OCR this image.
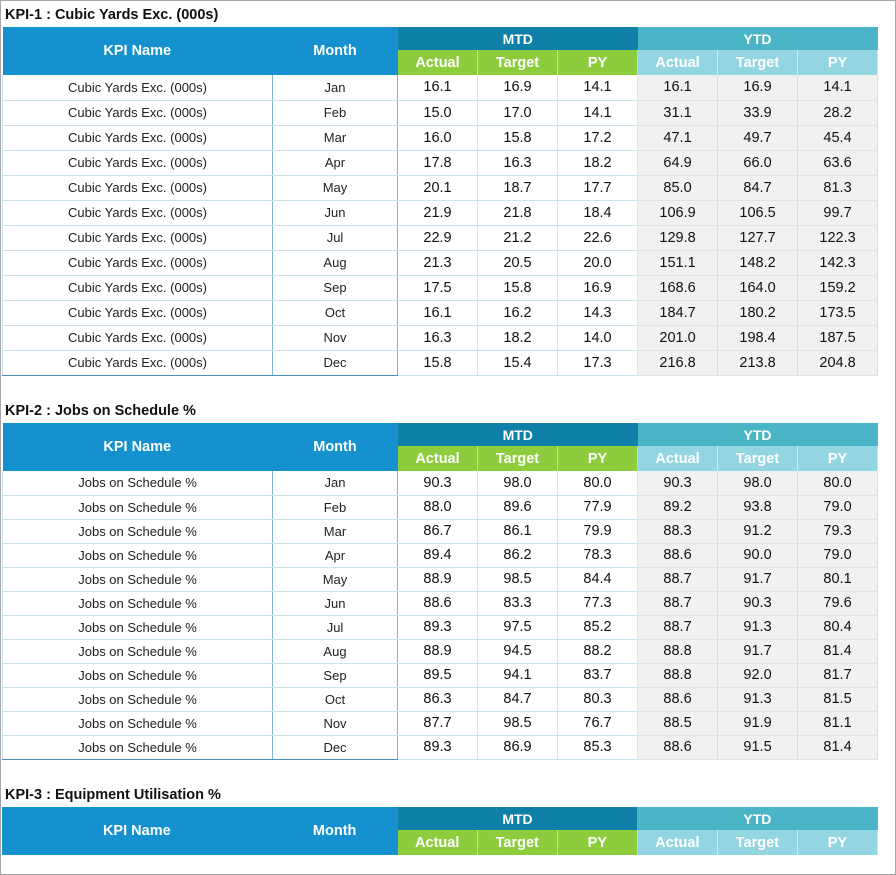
KPI-1 : Cubic Yards Exc. (000s)
KPI Name	Month	MTD			YTD		
		Actual	Target	PY	Actual	Target	PY
Cubic Yards Exc. (000s)	Jan	16.1	16.9	14.1	16.1	16.9	14.1
Cubic Yards Exc. (000s)	Feb	15.0	17.0	14.1	31.1	33.9	28.2
Cubic Yards Exc. (000s)	Mar	16.0	15.8	17.2	47.1	49.7	45.4
Cubic Yards Exc. (000s)	Apr	17.8	16.3	18.2	64.9	66.0	63.6
Cubic Yards Exc. (000s)	May	20.1	18.7	17.7	85.0	84.7	81.3
Cubic Yards Exc. (000s)	Jun	21.9	21.8	18.4	106.9	106.5	99.7
Cubic Yards Exc. (000s)	Jul	22.9	21.2	22.6	129.8	127.7	122.3
Cubic Yards Exc. (000s)	Aug	21.3	20.5	20.0	151.1	148.2	142.3
Cubic Yards Exc. (000s)	Sep	17.5	15.8	16.9	168.6	164.0	159.2
Cubic Yards Exc. (000s)	Oct	16.1	16.2	14.3	184.7	180.2	173.5
Cubic Yards Exc. (000s)	Nov	16.3	18.2	14.0	201.0	198.4	187.5
Cubic Yards Exc. (000s)	Dec	15.8	15.4	17.3	216.8	213.8	204.8
KPI-2 : Jobs on Schedule %
KPI Name	Month	MTD			YTD		
		Actual	Target	PY	Actual	Target	PY
Jobs on Schedule %	Jan	90.3	98.0	80.0	90.3	98.0	80.0
Jobs on Schedule %	Feb	88.0	89.6	77.9	89.2	93.8	79.0
Jobs on Schedule %	Mar	86.7	86.1	79.9	88.3	91.2	79.3
Jobs on Schedule %	Apr	89.4	86.2	78.3	88.6	90.0	79.0
Jobs on Schedule %	May	88.9	98.5	84.4	88.7	91.7	80.1
Jobs on Schedule %	Jun	88.6	83.3	77.3	88.7	90.3	79.6
Jobs on Schedule %	Jul	89.3	97.5	85.2	88.7	91.3	80.4
Jobs on Schedule %	Aug	88.9	94.5	88.2	88.8	91.7	81.4
Jobs on Schedule %	Sep	89.5	94.1	83.7	88.8	92.0	81.7
Jobs on Schedule %	Oct	86.3	84.7	80.3	88.6	91.3	81.5
Jobs on Schedule %	Nov	87.7	98.5	76.7	88.5	91.9	81.1
Jobs on Schedule %	Dec	89.3	86.9	85.3	88.6	91.5	81.4
KPI-3 : Equipment Utilisation %
KPI Name	Month	MTD			YTD		
		Actual	Target	PY	Actual	Target	PY
